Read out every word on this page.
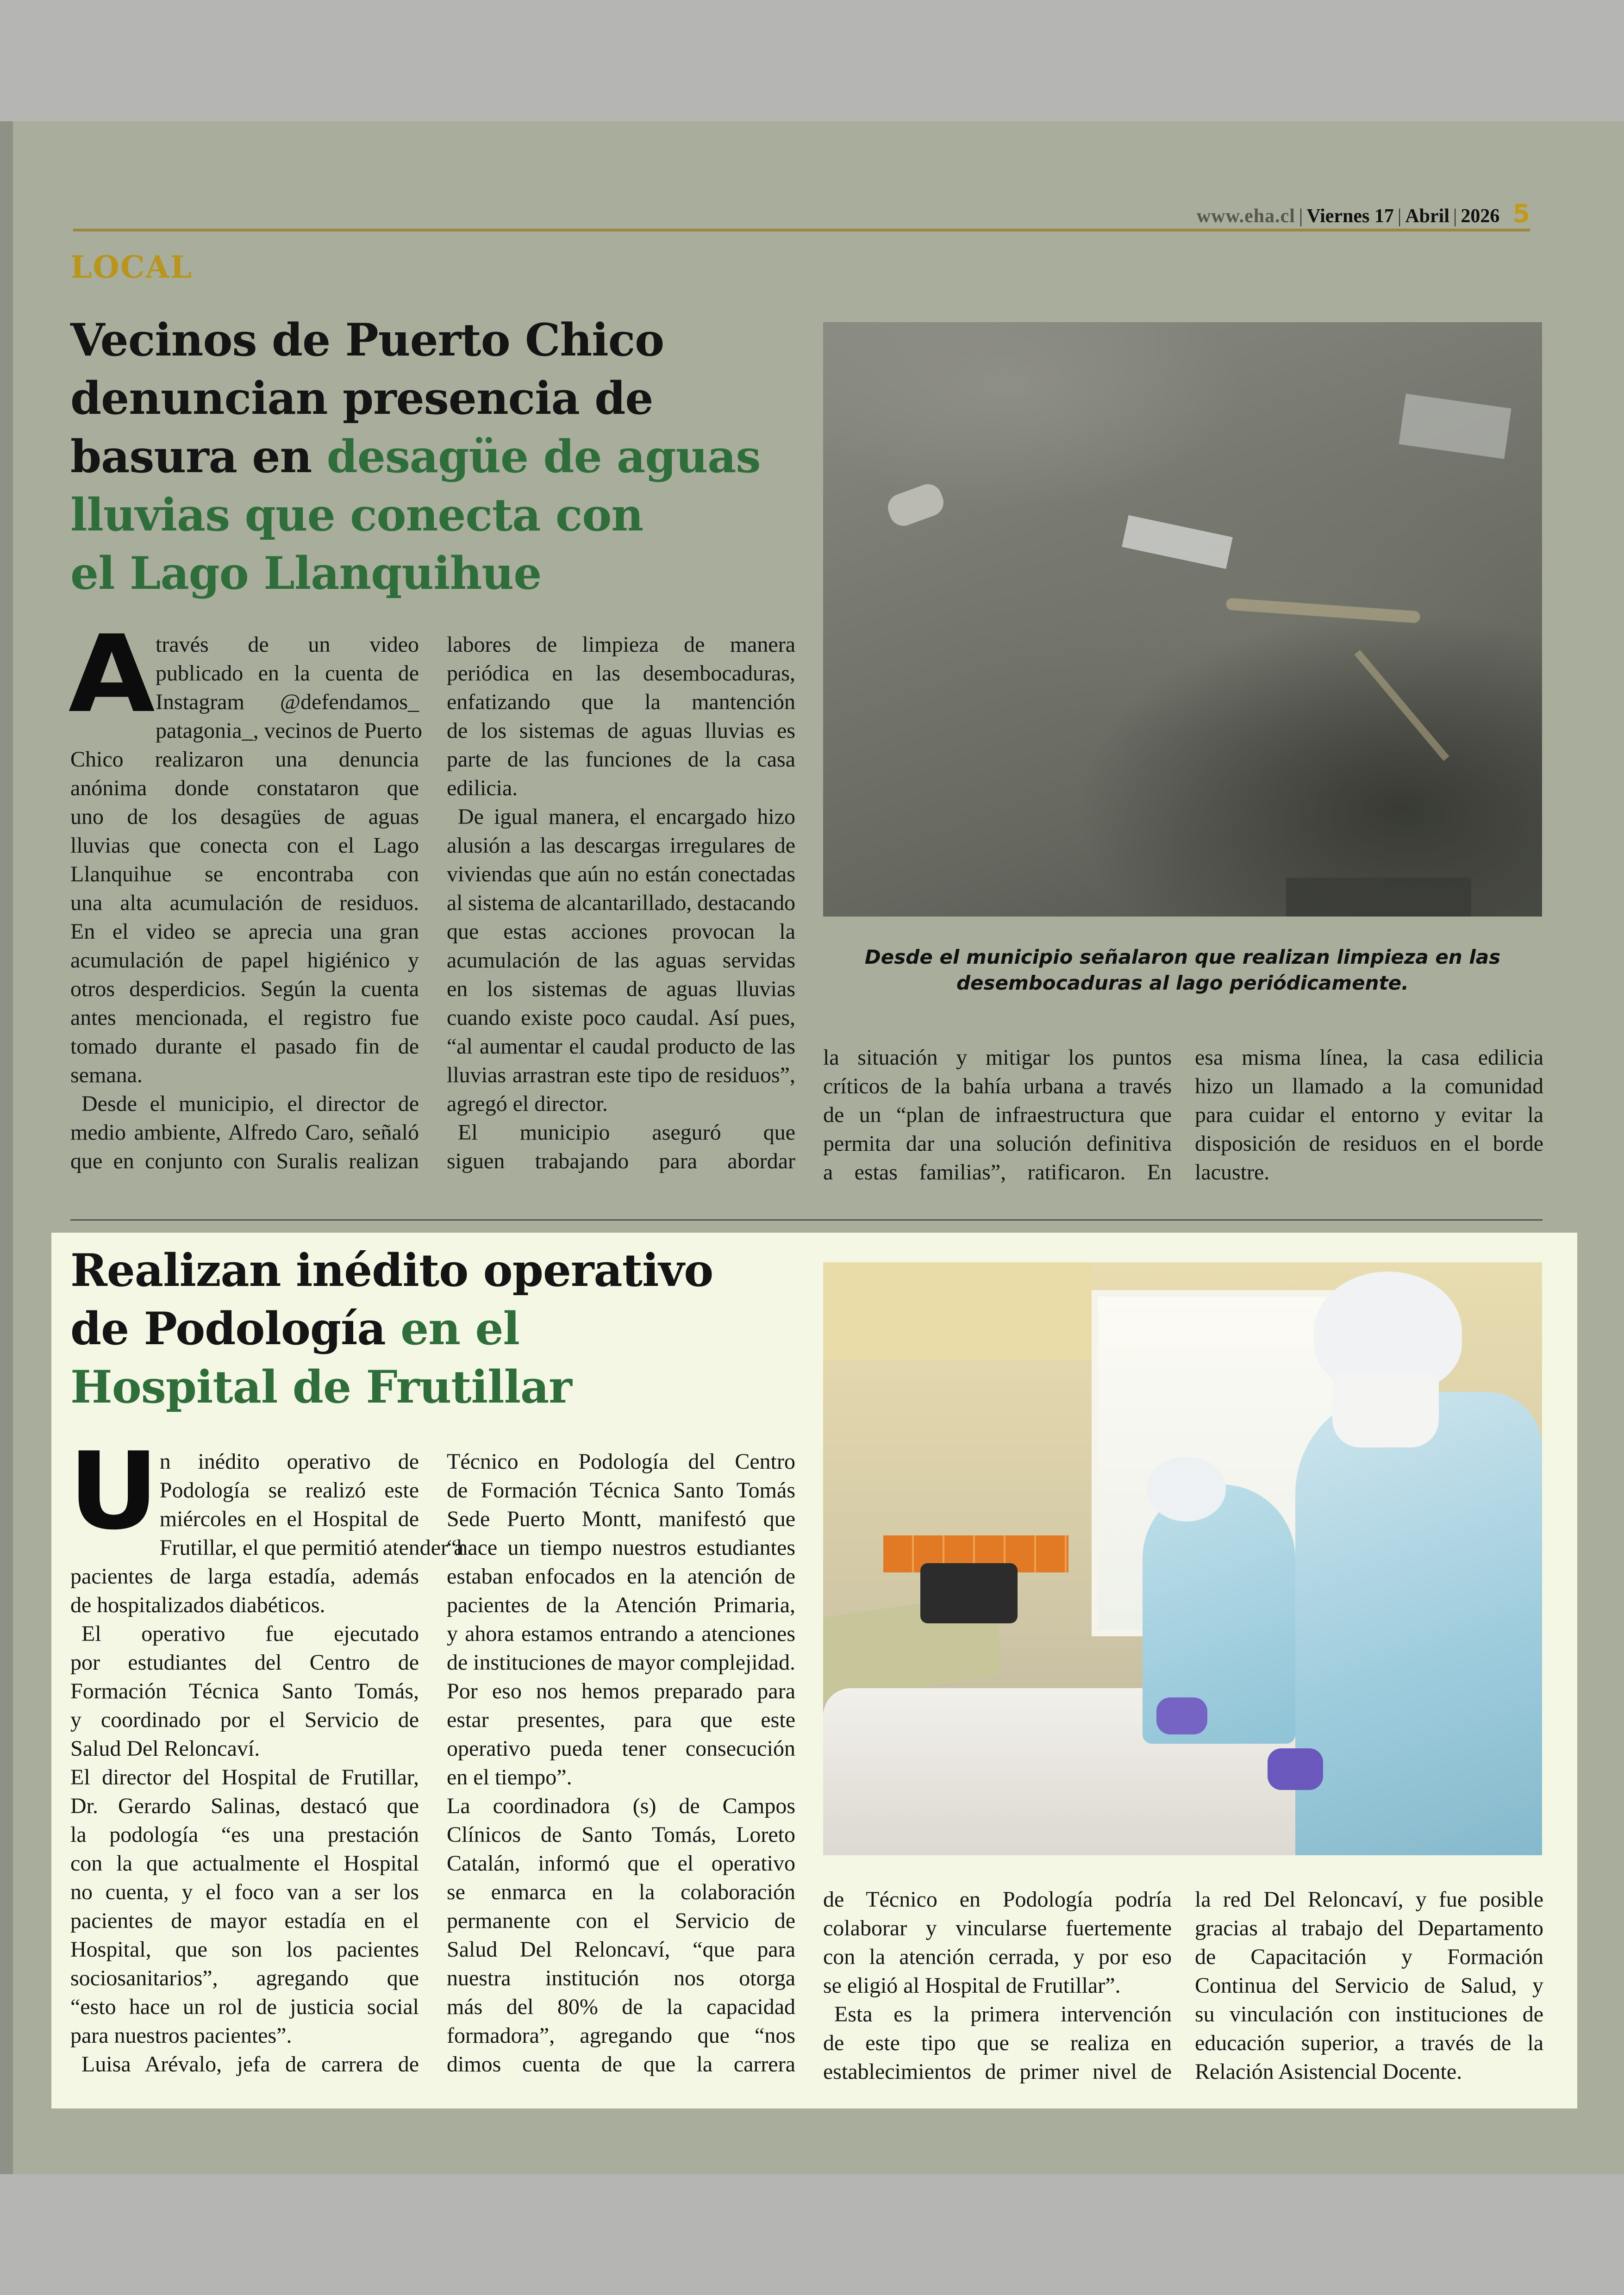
www.eha.cl | Viernes 17 | Abril | 2026 5
LOCAL
Vecinos de Puerto Chico
denuncian presencia de
basura en desagüe de aguas
lluvias que conecta con
el Lago Llanquihue
Desde el municipio señalaron que realizan limpieza en las
desembocaduras al lago periódicamente.
A través de un video
publicado en la cuenta de
Instagram @defendamos_
patagonia_, vecinos de Puerto
Chico realizaron una denuncia
anónima donde constataron que
uno de los desagües de aguas
lluvias que conecta con el Lago
Llanquihue se encontraba con
una alta acumulación de residuos.
En el video se aprecia una gran
acumulación de papel higiénico y
otros desperdicios. Según la cuenta
antes mencionada, el registro fue
tomado durante el pasado fin de
semana.
Desde el municipio, el director de
medio ambiente, Alfredo Caro, señaló
que en conjunto con Suralis realizan
labores de limpieza de manera
periódica en las desembocaduras,
enfatizando que la mantención
de los sistemas de aguas lluvias es
parte de las funciones de la casa
edilicia.
De igual manera, el encargado hizo
alusión a las descargas irregulares de
viviendas que aún no están conectadas
al sistema de alcantarillado, destacando
que estas acciones provocan la
acumulación de las aguas servidas
en los sistemas de aguas lluvias
cuando existe poco caudal. Así pues,
“al aumentar el caudal producto de las
lluvias arrastran este tipo de residuos”,
agregó el director.
El municipio aseguró que
siguen trabajando para abordar
la situación y mitigar los puntos
críticos de la bahía urbana a través
de un “plan de infraestructura que
permita dar una solución definitiva
a estas familias”, ratificaron. En
esa misma línea, la casa edilicia
hizo un llamado a la comunidad
para cuidar el entorno y evitar la
disposición de residuos en el borde
lacustre.
Realizan inédito operativo
de Podología en el
Hospital de Frutillar
U n inédito operativo de
Podología se realizó este
miércoles en el Hospital de
Frutillar, el que permitió atender a
pacientes de larga estadía, además
de hospitalizados diabéticos.
El operativo fue ejecutado
por estudiantes del Centro de
Formación Técnica Santo Tomás,
y coordinado por el Servicio de
Salud Del Reloncaví.
El director del Hospital de Frutillar,
Dr. Gerardo Salinas, destacó que
la podología “es una prestación
con la que actualmente el Hospital
no cuenta, y el foco van a ser los
pacientes de mayor estadía en el
Hospital, que son los pacientes
sociosanitarios”, agregando que
“esto hace un rol de justicia social
para nuestros pacientes”.
Luisa Arévalo, jefa de carrera de
Técnico en Podología del Centro
de Formación Técnica Santo Tomás
Sede Puerto Montt, manifestó que
“hace un tiempo nuestros estudiantes
estaban enfocados en la atención de
pacientes de la Atención Primaria,
y ahora estamos entrando a atenciones
de instituciones de mayor complejidad.
Por eso nos hemos preparado para
estar presentes, para que este
operativo pueda tener consecución
en el tiempo”.
La coordinadora (s) de Campos
Clínicos de Santo Tomás, Loreto
Catalán, informó que el operativo
se enmarca en la colaboración
permanente con el Servicio de
Salud Del Reloncaví, “que para
nuestra institución nos otorga
más del 80% de la capacidad
formadora”, agregando que “nos
dimos cuenta de que la carrera
de Técnico en Podología podría
colaborar y vincularse fuertemente
con la atención cerrada, y por eso
se eligió al Hospital de Frutillar”.
Esta es la primera intervención
de este tipo que se realiza en
establecimientos de primer nivel de
la red Del Reloncaví, y fue posible
gracias al trabajo del Departamento
de Capacitación y Formación
Continua del Servicio de Salud, y
su vinculación con instituciones de
educación superior, a través de la
Relación Asistencial Docente.
